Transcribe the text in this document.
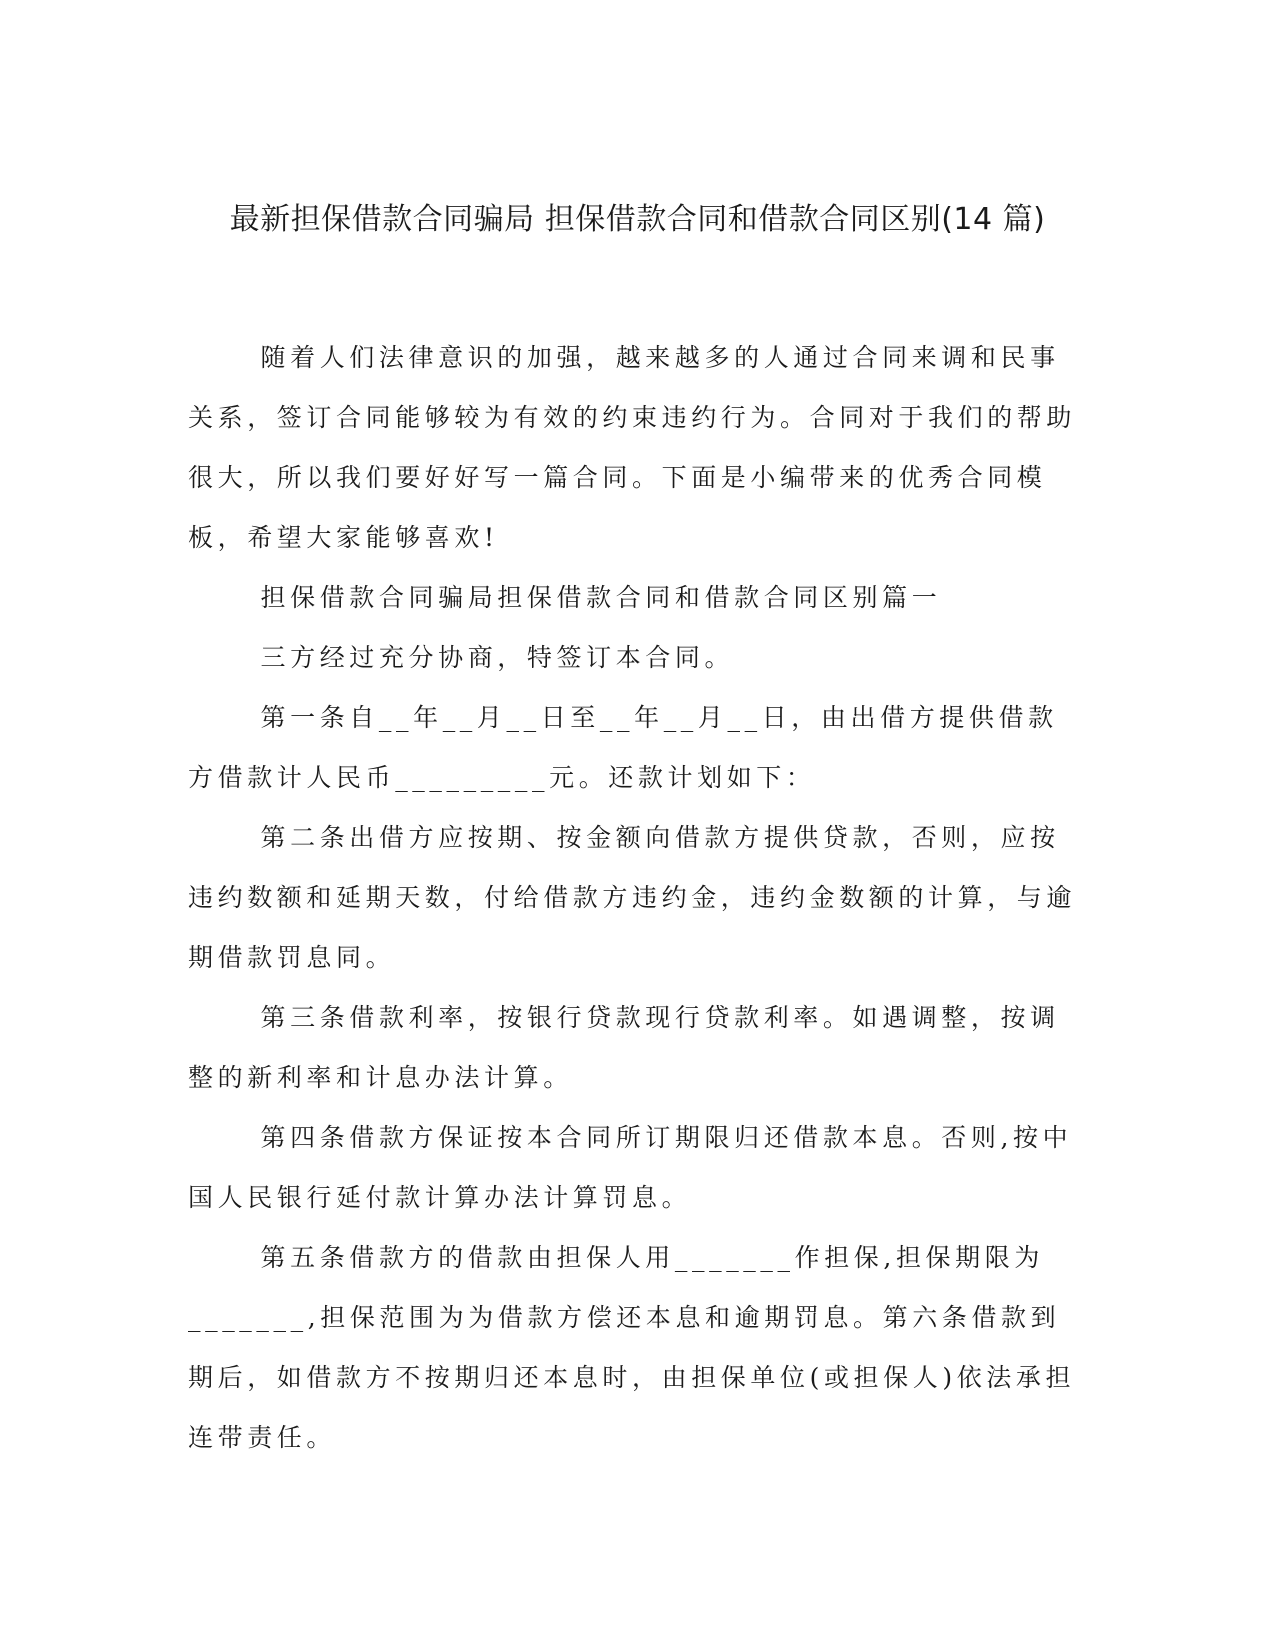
最新担保借款合同骗局 担保借款合同和借款合同区别(14 篇)

随着人们法律意识的加强，越来越多的人通过合同来调和民事关系，签订合同能够较为有效的约束违约行为。合同对于我们的帮助很大，所以我们要好好写一篇合同。下面是小编带来的优秀合同模板，希望大家能够喜欢!

担保借款合同骗局担保借款合同和借款合同区别篇一

三方经过充分协商，特签订本合同。

第一条自__年__月__日至__年__月__日，由出借方提供借款方借款计人民币_________元。还款计划如下：

第二条出借方应按期、按金额向借款方提供贷款，否则，应按违约数额和延期天数，付给借款方违约金，违约金数额的计算，与逾期借款罚息同。

第三条借款利率，按银行贷款现行贷款利率。如遇调整，按调整的新利率和计息办法计算。

第四条借款方保证按本合同所订期限归还借款本息。否则,按中国人民银行延付款计算办法计算罚息。

第五条借款方的借款由担保人用_______作担保,担保期限为_______,担保范围为为借款方偿还本息和逾期罚息。第六条借款到期后，如借款方不按期归还本息时，由担保单位(或担保人)依法承担连带责任。
